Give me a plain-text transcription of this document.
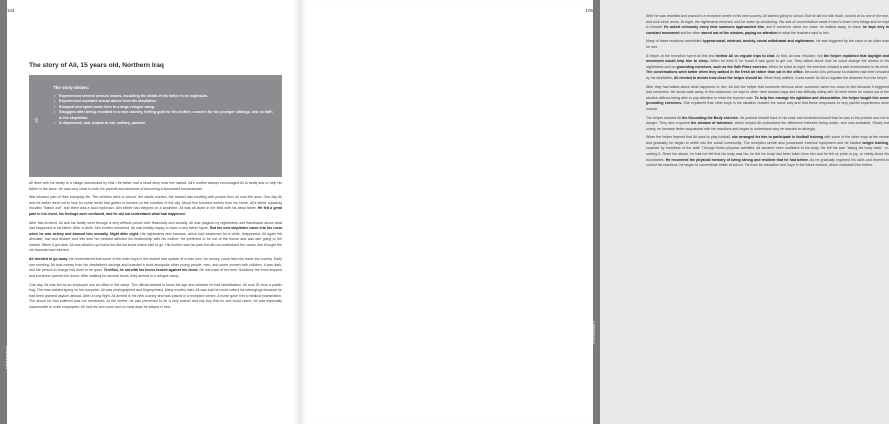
APPENDIX
104
The story of Ali, 15 years old, Northern Iraq
Ali
The story shows:
• Experienced several serious losses, including the death of his father in an explosion.
• Experienced repeated sexual abuse from his stepfather.
• Escaped and spent some time in a large refugee camp.
• Struggles after being resettled in a new country, feeling guilt for his mother, concern for his younger siblings, and no faith in his stepfather.
• Is depressed, sad, unable to eat, solitary, passive.

Ali lived with his family in a village surrounded by hills. His father had a small shop near the market. Ali's mother always encouraged Ali to study and to help his father in the store. He was very close to both his parents and dreamed of becoming a successful businessman.

War became part of their everyday life. The children went to school, the adults worked, the market was bustling with people from all over the area. One day Ali and his father went out to look for some metal that gather in bushes on the outskirts of the city. About five hundred metres from his home, Ali's father suddenly shouted "Watch out!" and there was a loud explosion. Ali's father had stepped on a landmine. Ali was all alone in the field with his dead father. He felt a great pain in his chest, his feelings were confused, and he did not understand what had happened.

After this incident, Ali and his family went through a very difficult period both financially and socially. Ali was plagued by nightmares and flashbacks about what had happened to his father. After a while, Ali's mother remarried. Ali was initially happy to have a new father figure. But his new stepfather came into his room when he was asleep and abused him sexually. Night after night. His nightmares and traumas, which had weakened for a while, reappeared. Ali again felt desolate, sad and distant, and this time his mistrust affected his relationship with his mother. He preferred to be out of the house and was late going to the market. When it got dark, Ali was afraid to go home but did not know where else to go. His mother saw his pale but did not understand the cause; she thought the old traumas had returned.

Ali decided to go away. He remembered that some of the older boys in the market had spoken of a man who, for money, could help him leave the country. Early one morning, Ali took money from his stepfather's savings and boarded a truck alongside other young people, men, and some women with children. It was dark, and the person in charge told them to be quiet. Terrified, he sat with his knees locked against his chest. He lost track of the time. Suddenly the truck stopped and someone opened the doors. After walking for several hours, they arrived in a refugee camp.

One day, Ali was led by an employee into an office in the camp. The official wanted to know his age and whether he had identification. Ali took ID from a plastic bag. The man started typing on his computer. Ali was photographed and fingerprinted. Many months later, Ali was told he could collect his belongings because he had been granted asylum abroad. After a long flight, Ali arrived in his new country and was placed in a reception centre. A nurse gave him a medical examination. The abuse he had suffered was not mentioned. At the centre, he was perceived to be a very scared and shy boy that no one could reach: he was especially inaccessible to male employees. Ali had his own room and on most days he stayed in bed.

APPENDIX
105

After he was resettled and placed in a reception centre in his new country, Ali started going to school. But he did not talk much, looked at no one in the eye, and took lunch alone. At night, the nightmares returned, and he woke up screaming. His lack of concentration made it hard to learn new things and he kept to himself. He asked nervously every time someone approached him, and if someone came too close, he walked away. In class, he kept very in constant movement and he often stared out of the window, paying no attention to what the teachers said to him.

Many of these reactions resembled hyperarousal, mistrust, anxiety, social withdrawal and nightmares. He was triggered by the voice of an older man he met.

A helper at the reception spent all this and invited Ali on regular trips to chat. At first, Ali was reluctant, but the helper explained that daylight and movement would help him to sleep. When he tried it, he found it was good to get out. They talked about how he could change the stories in his nightmares and do grounding exercises, such as the Safe Place exercise. When he woke at night, the exercise created a safe environment in his mind. The conversations went better when they walked in the fresh air rather than sat in the office. Because Ali's personal boundaries had been invaded by his stepfather, Ali needed to decide how close the helper should be. When they walked, it was easier for Ali to regulate the distance from his helper.

After they had talked about what happened to him, Ali told the helper that someone nervous when someone came too close to him because it triggered bad memories. He would walk away. In the classroom, he kept to other neat window bags and had difficulty sitting still. At other times he stared out of the window without being able to pay attention to what the teacher said. To help him manage his agitation and dissociation, the helper taught him some grounding exercises. She explained that other boys in his situation reacted the same way and that these responses to very painful experiences were normal.

The helper showed Ali the Grounding the Body exercise. He pushed himself back in his chair and reminded himself that he was in the present and not in danger. They also explored the window of tolerance, which helped Ali understand the difference between being under- and over-activated. Slowly but surely, he became better acquainted with his reactions and began to understand why he reacted so strongly.

When the helper learned that Ali used to play football, she arranged for him to participate in football training with some of the other boys at the centre and gradually he began to settle into the social community. The reception centre also possessed exercise equipment and he started weight training coached by members of the staff. Through these physical activities, Ali became more confident of his body. He felt his was "taking his body back", re-owning it. Since the abuse, he had not felt that his body was his; he felt his body had been taken from him and he felt no pride or joy, or clarity about his boundaries. He recovered the physical memory of being strong and resilient that he had before. As he gradually regained his skills and learned to control his reactions, he began to concentrate better at school. He lives for education and hope in the future revived, which motivated him further.
